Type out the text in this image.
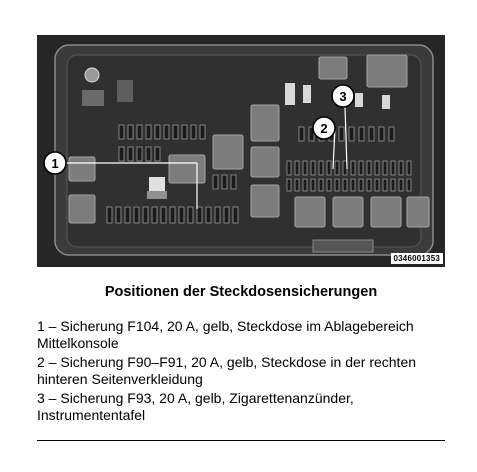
1
2
3
0346001353
Positionen der Steckdosensicherungen
1 – Sicherung F104, 20 A, gelb, Steckdose im Ablagebereich Mittelkonsole
2 – Sicherung F90–F91, 20 A, gelb, Steckdose in der rechten hinteren Seitenverkleidung
3 – Sicherung F93, 20 A, gelb, Zigarettenanzünder, Instrumententafel
